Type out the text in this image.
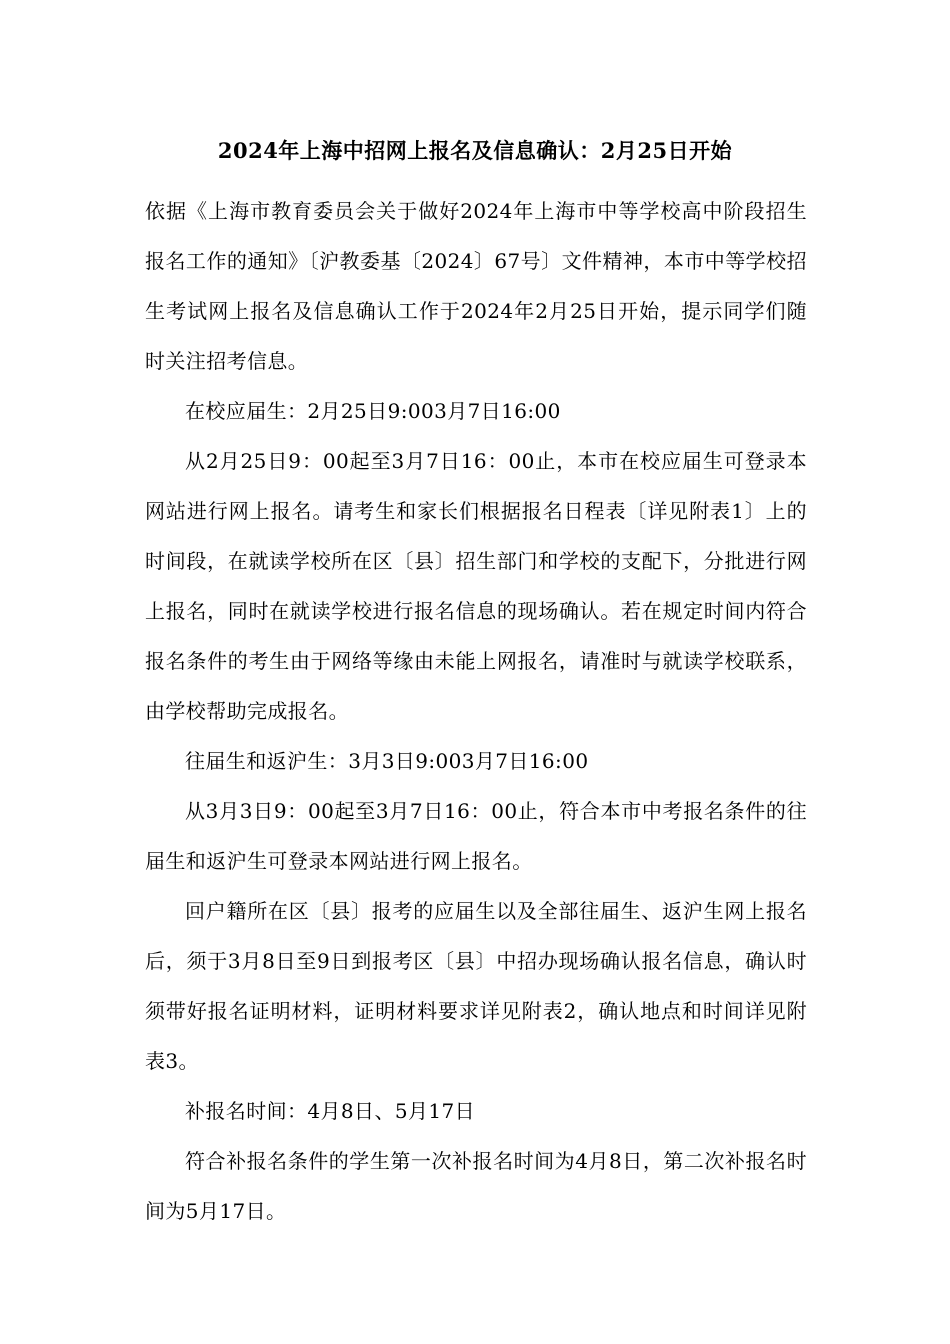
2024年上海中招网上报名及信息确认：2月25日开始

依据《上海市教育委员会关于做好2024年上海市中等学校高中阶段招生报名工作的通知》〔沪教委基〔2024〕67号〕文件精神，本市中等学校招生考试网上报名及信息确认工作于2024年2月25日开始，提示同学们随时关注招考信息。

在校应届生：2月25日9:003月7日16:00

从2月25日9：00起至3月7日16：00止，本市在校应届生可登录本网站进行网上报名。请考生和家长们根据报名日程表〔详见附表1〕上的时间段，在就读学校所在区〔县〕招生部门和学校的支配下，分批进行网上报名，同时在就读学校进行报名信息的现场确认。若在规定时间内符合报名条件的考生由于网络等缘由未能上网报名，请准时与就读学校联系，由学校帮助完成报名。

往届生和返沪生：3月3日9:003月7日16:00

从3月3日9：00起至3月7日16：00止，符合本市中考报名条件的往届生和返沪生可登录本网站进行网上报名。

回户籍所在区〔县〕报考的应届生以及全部往届生、返沪生网上报名后，须于3月8日至9日到报考区〔县〕中招办现场确认报名信息，确认时须带好报名证明材料，证明材料要求详见附表2，确认地点和时间详见附表3。

补报名时间：4月8日、5月17日

符合补报名条件的学生第一次补报名时间为4月8日，第二次补报名时间为5月17日。
